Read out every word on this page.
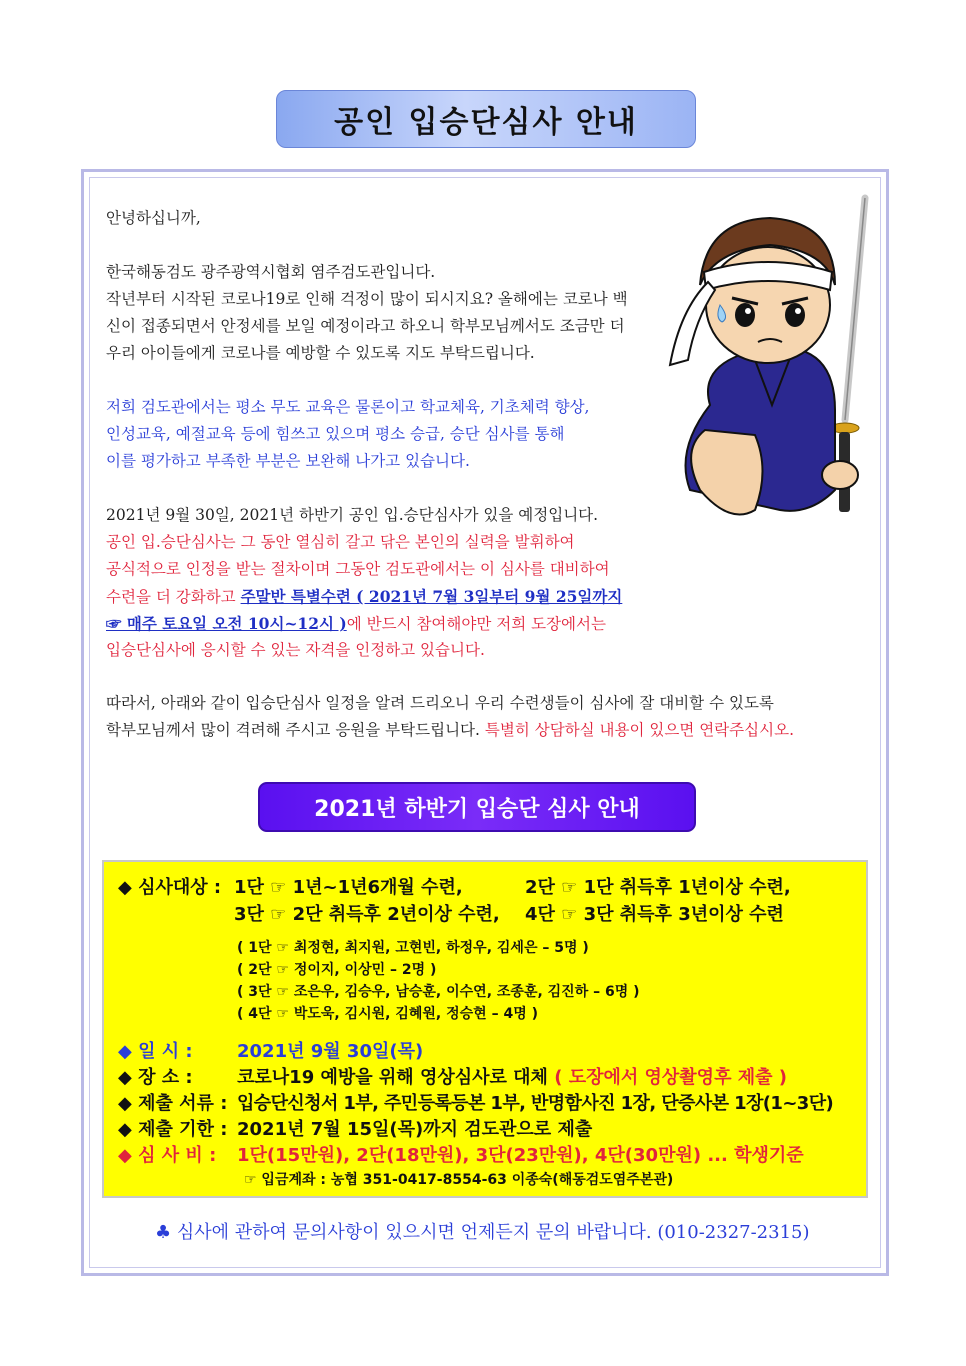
공인 입승단심사 안내
안녕하십니까,
한국해동검도 광주광역시협회 염주검도관입니다.
작년부터 시작된 코로나19로 인해 걱정이 많이 되시지요? 올해에는 코로나 백
신이 접종되면서 안정세를 보일 예정이라고 하오니 학부모님께서도 조금만 더
우리 아이들에게 코로나를 예방할 수 있도록 지도 부탁드립니다.
저희 검도관에서는 평소 무도 교육은 물론이고 학교체육, 기초체력 향상,
인성교육, 예절교육 등에 힘쓰고 있으며 평소 승급, 승단 심사를 통해
이를 평가하고 부족한 부분은 보완해 나가고 있습니다.
2021년 9월 30일, 2021년 하반기 공인 입.승단심사가 있을 예정입니다.
공인 입.승단심사는 그 동안 열심히 갈고 닦은 본인의 실력을 발휘하여
공식적으로 인정을 받는 절차이며 그동안 검도관에서는 이 심사를 대비하여
수련을 더 강화하고 주말반 특별수련 ( 2021년 7월 3일부터 9월 25일까지
☞ 매주 토요일 오전 10시~12시 )에 반드시 참여해야만 저희 도장에서는
입승단심사에 응시할 수 있는 자격을 인정하고 있습니다.
따라서, 아래와 같이 입승단심사 일정을 알려 드리오니 우리 수련생들이 심사에 잘 대비할 수 있도록
학부모님께서 많이 격려해 주시고 응원을 부탁드립니다. 특별히 상담하실 내용이 있으면 연락주십시오.
2021년 하반기 입승단 심사 안내
◆ 심사대상 : 1단 ☞ 1년~1년6개월 수련,	2단 ☞ 1단 취득후 1년이상 수련,
3단 ☞ 2단 취득후 2년이상 수련, 4단 ☞ 3단 취득후 3년이상 수련
( 1단 ☞ 최정현, 최지원, 고현빈, 하정우, 김세은 – 5명 )
( 2단 ☞ 정이지, 이상민 – 2명 )
( 3단 ☞ 조은우, 김승우, 남승훈, 이수연, 조종훈, 김진하 – 6명 )
( 4단 ☞ 박도욱, 김시원, 김혜원, 정승현 – 4명 )
◆ 일 시 : 2021년 9월 30일(목)
◆ 장 소 : 코로나19 예방을 위해 영상심사로 대체 ( 도장에서 영상촬영후 제출 )
◆ 제출 서류 : 입승단신청서 1부, 주민등록등본 1부, 반명함사진 1장, 단증사본 1장(1~3단)
◆ 제출 기한 : 2021년 7월 15일(목)까지 검도관으로 제출
◆ 심 사 비 : 1단(15만원), 2단(18만원), 3단(23만원), 4단(30만원) ... 학생기준
☞ 입금계좌 : 농협 351-0417-8554-63 이종숙(해동검도염주본관)
♣ 심사에 관하여 문의사항이 있으시면 언제든지 문의 바랍니다. (010-2327-2315)
